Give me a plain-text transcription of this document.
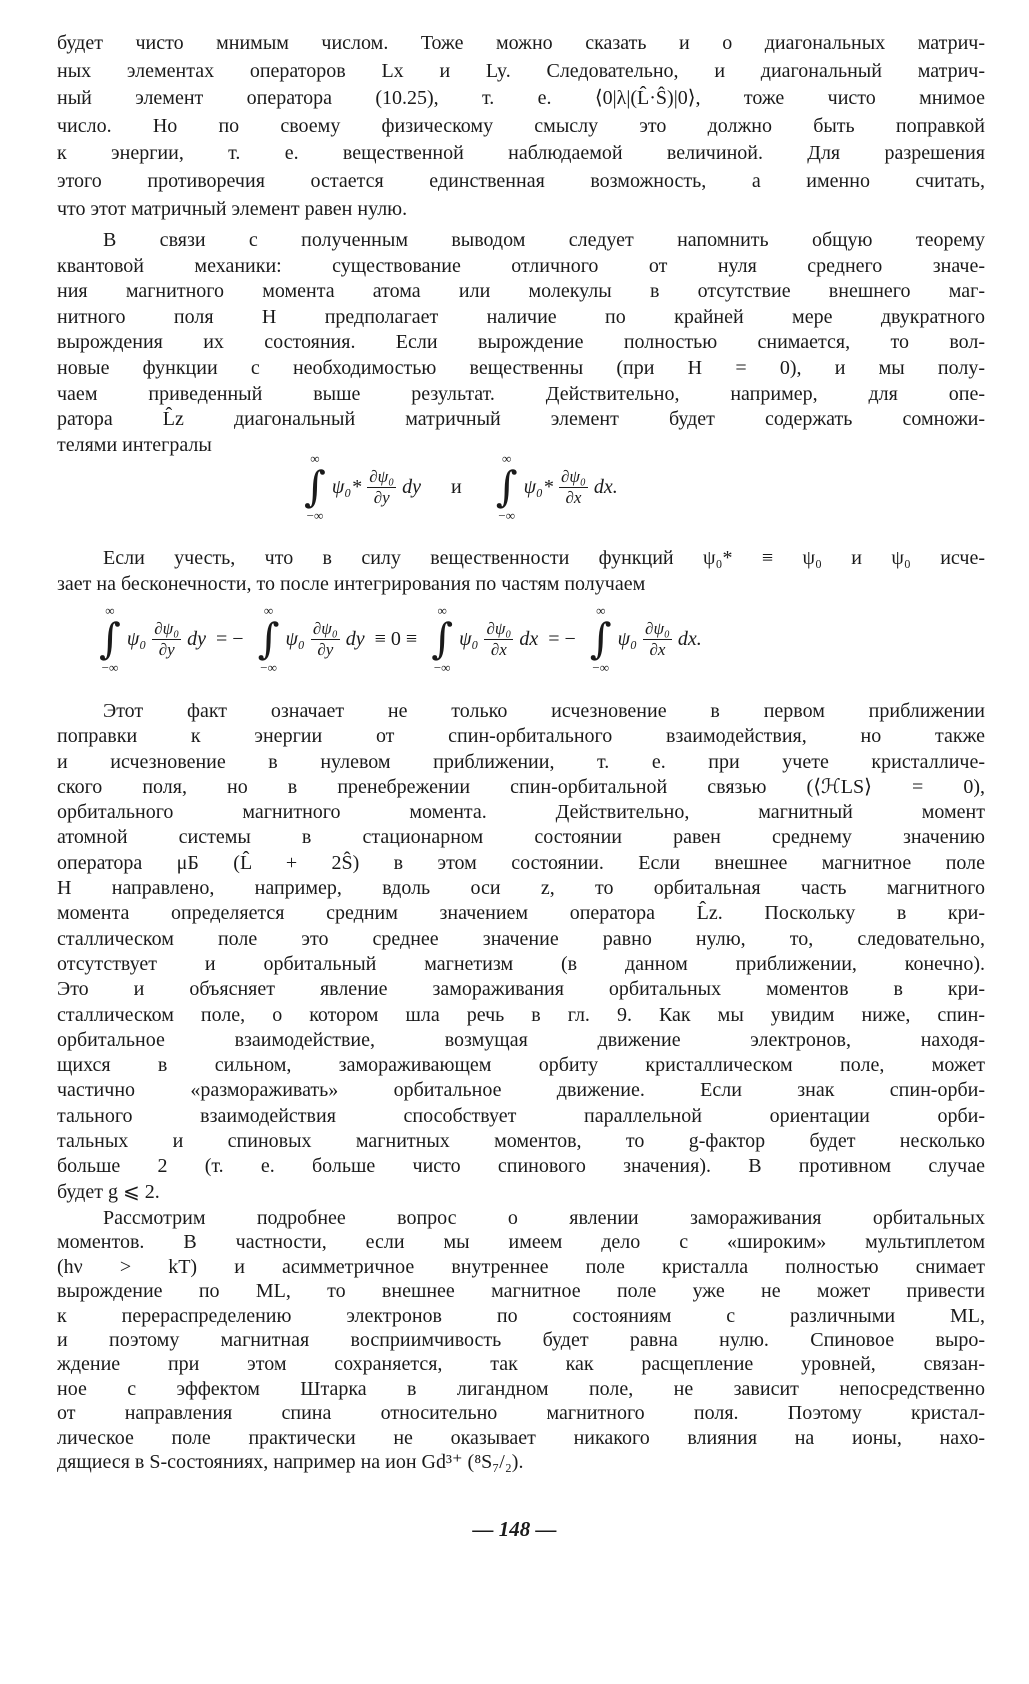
будет чисто мнимым числом. Тоже можно сказать и о диагональных матрич-
ных элементах операторов Lx и Ly. Следовательно, и диагональный матрич-
ный элемент оператора (10.25), т. е. ⟨0|λ|(L̂·Ŝ)|0⟩, тоже чисто мнимое
число. Но по своему физическому смыслу это должно быть поправкой
к энергии, т. е. вещественной наблюдаемой величиной. Для разрешения
этого противоречия остается единственная возможность, а именно считать,
что этот матричный элемент равен нулю.
В связи с полученным выводом следует напомнить общую теорему
квантовой механики: существование отличного от нуля среднего значе-
ния магнитного момента атома или молекулы в отсутствие внешнего маг-
нитного поля H предполагает наличие по крайней мере двукратного
вырождения их состояния. Если вырождение полностью снимается, то вол-
новые функции с необходимостью вещественны (при H = 0), и мы полу-
чаем приведенный выше результат. Действительно, например, для опе-
ратора L̂z диагональный матричный элемент будет содержать сомножи-
телями интегралы
∞
∫
−∞
$\psi_0* \frac{\text{∂ψ₀}}{\partial y}$ dy и
∞
∫
−∞
$\psi_0* \frac{\text{∂ψ₀}}{\partial x}$ dx.
Если учесть, что в силу вещественности функций ψ₀* ≡ ψ₀ и ψ₀ исче-
зает на бесконечности, то после интегрирования по частям получаем
∞
∫
−∞
$\psi_0 \frac{\text{∂ψ₀}}{\partial y}$ dy = −
∞
∫
−∞
$\psi_0 \frac{\text{∂ψ₀}}{\partial y}$ dy ≡ 0 ≡
∞
∫
−∞
$\psi_0 \frac{\text{∂ψ₀}}{\partial x}$ dx = −
∞
∫
−∞
$\psi_0 \frac{\text{∂ψ₀}}{\partial x}$ dx.
Этот факт означает не только исчезновение в первом приближении
поправки к энергии от спин-орбитального взаимодействия, но также
и исчезновение в нулевом приближении, т. е. при учете кристалличе-
ского поля, но в пренебрежении спин-орбитальной связью (⟨ℋLS⟩ = 0),
орбитального магнитного момента. Действительно, магнитный момент
атомной системы в стационарном состоянии равен среднему значению
оператора μБ (L̂ + 2Ŝ) в этом состоянии. Если внешнее магнитное поле
H направлено, например, вдоль оси z, то орбитальная часть магнитного
момента определяется средним значением оператора L̂z. Поскольку в кри-
сталлическом поле это среднее значение равно нулю, то, следовательно,
отсутствует и орбитальный магнетизм (в данном приближении, конечно).
Это и объясняет явление замораживания орбитальных моментов в кри-
сталлическом поле, о котором шла речь в гл. 9. Как мы увидим ниже, спин-
орбитальное взаимодействие, возмущая движение электронов, находя-
щихся в сильном, замораживающем орбиту кристаллическом поле, может
частично «размораживать» орбитальное движение. Если знак спин-орби-
тального взаимодействия способствует параллельной ориентации орби-
тальных и спиновых магнитных моментов, то g-фактор будет несколько
больше 2 (т. е. больше чисто спинового значения). В противном случае
будет g ⩽ 2.
Рассмотрим подробнее вопрос о явлении замораживания орбитальных
моментов. В частности, если мы имеем дело с «широким» мультиплетом
(hν > kT) и асимметричное внутреннее поле кристалла полностью снимает
вырождение по ML, то внешнее магнитное поле уже не может привести
к перераспределению электронов по состояниям с различными ML,
и поэтому магнитная восприимчивость будет равна нулю. Спиновое выро-
ждение при этом сохраняется, так как расщепление уровней, связан-
ное с эффектом Штарка в лигандном поле, не зависит непосредственно
от направления спина относительно магнитного поля. Поэтому кристал-
лическое поле практически не оказывает никакого влияния на ионы, нахо-
дящиеся в S-состояниях, например на ион Gd³⁺ (⁸S₇/₂).
— 148 —
